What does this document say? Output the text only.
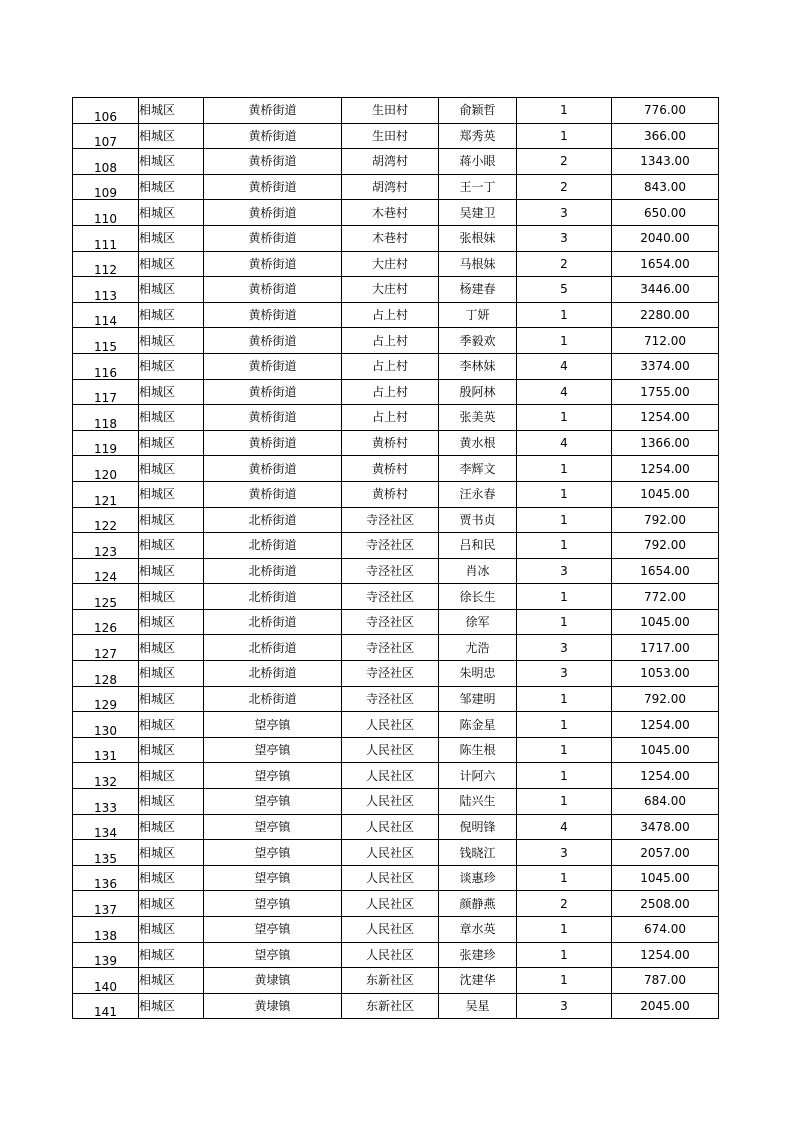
106	相城区	黄桥街道	生田村	俞颖哲	1	776.00
107	相城区	黄桥街道	生田村	郑秀英	1	366.00
108	相城区	黄桥街道	胡湾村	蒋小眼	2	1343.00
109	相城区	黄桥街道	胡湾村	王一丁	2	843.00
110	相城区	黄桥街道	木巷村	吴建卫	3	650.00
111	相城区	黄桥街道	木巷村	张根妹	3	2040.00
112	相城区	黄桥街道	大庄村	马根妹	2	1654.00
113	相城区	黄桥街道	大庄村	杨建春	5	3446.00
114	相城区	黄桥街道	占上村	丁妍	1	2280.00
115	相城区	黄桥街道	占上村	季毅欢	1	712.00
116	相城区	黄桥街道	占上村	李林妹	4	3374.00
117	相城区	黄桥街道	占上村	殷阿林	4	1755.00
118	相城区	黄桥街道	占上村	张美英	1	1254.00
119	相城区	黄桥街道	黄桥村	黄水根	4	1366.00
120	相城区	黄桥街道	黄桥村	李辉文	1	1254.00
121	相城区	黄桥街道	黄桥村	汪永春	1	1045.00
122	相城区	北桥街道	寺泾社区	贾书贞	1	792.00
123	相城区	北桥街道	寺泾社区	吕和民	1	792.00
124	相城区	北桥街道	寺泾社区	肖冰	3	1654.00
125	相城区	北桥街道	寺泾社区	徐长生	1	772.00
126	相城区	北桥街道	寺泾社区	徐军	1	1045.00
127	相城区	北桥街道	寺泾社区	尤浩	3	1717.00
128	相城区	北桥街道	寺泾社区	朱明忠	3	1053.00
129	相城区	北桥街道	寺泾社区	邹建明	1	792.00
130	相城区	望亭镇	人民社区	陈金星	1	1254.00
131	相城区	望亭镇	人民社区	陈生根	1	1045.00
132	相城区	望亭镇	人民社区	计阿六	1	1254.00
133	相城区	望亭镇	人民社区	陆兴生	1	684.00
134	相城区	望亭镇	人民社区	倪明锋	4	3478.00
135	相城区	望亭镇	人民社区	钱晓江	3	2057.00
136	相城区	望亭镇	人民社区	谈惠珍	1	1045.00
137	相城区	望亭镇	人民社区	颜静燕	2	2508.00
138	相城区	望亭镇	人民社区	章水英	1	674.00
139	相城区	望亭镇	人民社区	张建珍	1	1254.00
140	相城区	黄埭镇	东新社区	沈建华	1	787.00
141	相城区	黄埭镇	东新社区	吴星	3	2045.00
